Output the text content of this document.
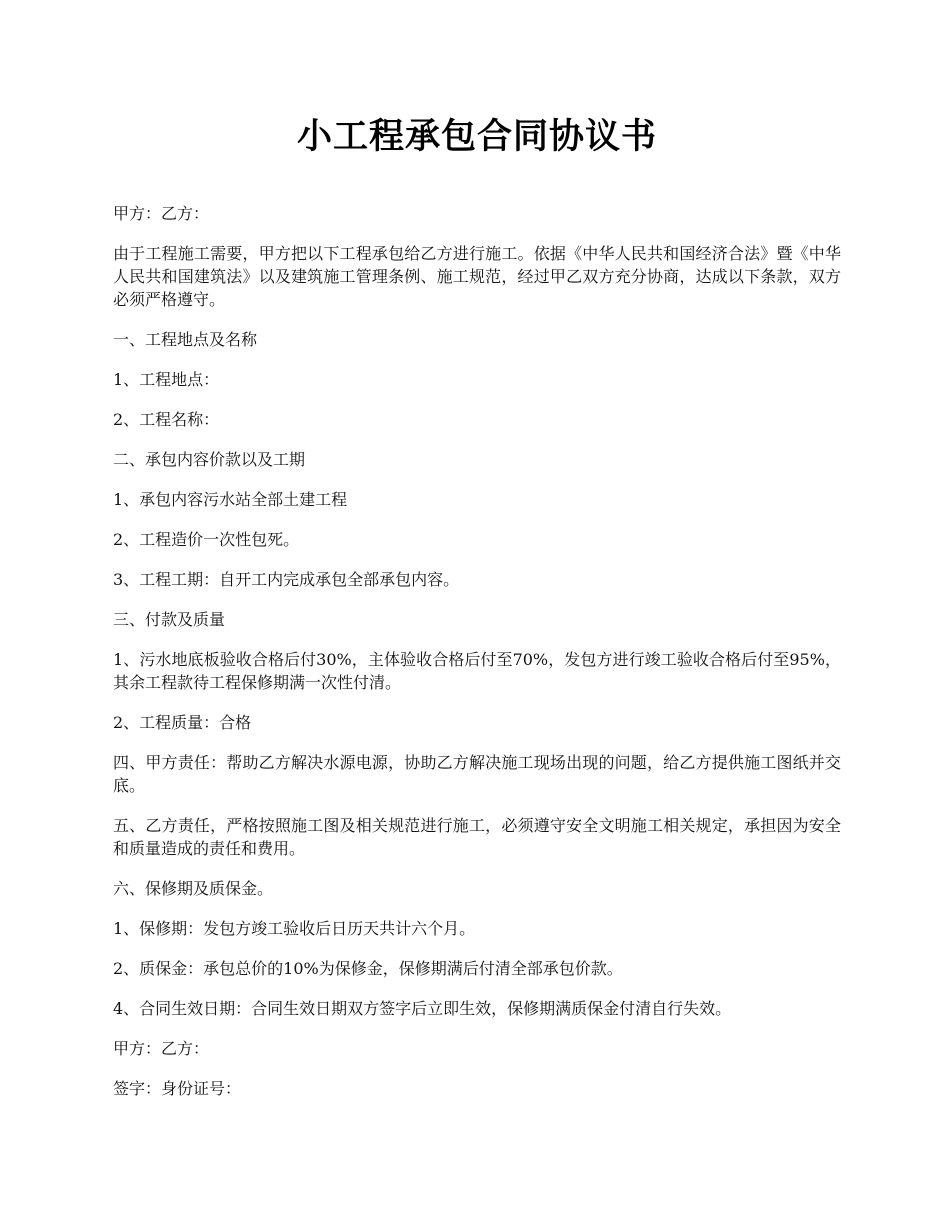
小工程承包合同协议书

甲方：乙方：

由于工程施工需要，甲方把以下工程承包给乙方进行施工。依据《中华人民共和国经济合法》暨《中华人民共和国建筑法》以及建筑施工管理条例、施工规范，经过甲乙双方充分协商，达成以下条款，双方必须严格遵守。

一、工程地点及名称

1、工程地点：

2、工程名称：

二、承包内容价款以及工期

1、承包内容污水站全部土建工程

2、工程造价一次性包死。

3、工程工期：自开工内完成承包全部承包内容。

三、付款及质量

1、污水地底板验收合格后付30%，主体验收合格后付至70%，发包方进行竣工验收合格后付至95%，其余工程款待工程保修期满一次性付清。

2、工程质量：合格

四、甲方责任：帮助乙方解决水源电源，协助乙方解决施工现场出现的问题，给乙方提供施工图纸并交底。

五、乙方责任，严格按照施工图及相关规范进行施工，必须遵守安全文明施工相关规定，承担因为安全和质量造成的责任和费用。

六、保修期及质保金。

1、保修期：发包方竣工验收后日历天共计六个月。

2、质保金：承包总价的10%为保修金，保修期满后付清全部承包价款。

4、合同生效日期：合同生效日期双方签字后立即生效，保修期满质保金付清自行失效。

甲方：乙方：

签字：身份证号：
